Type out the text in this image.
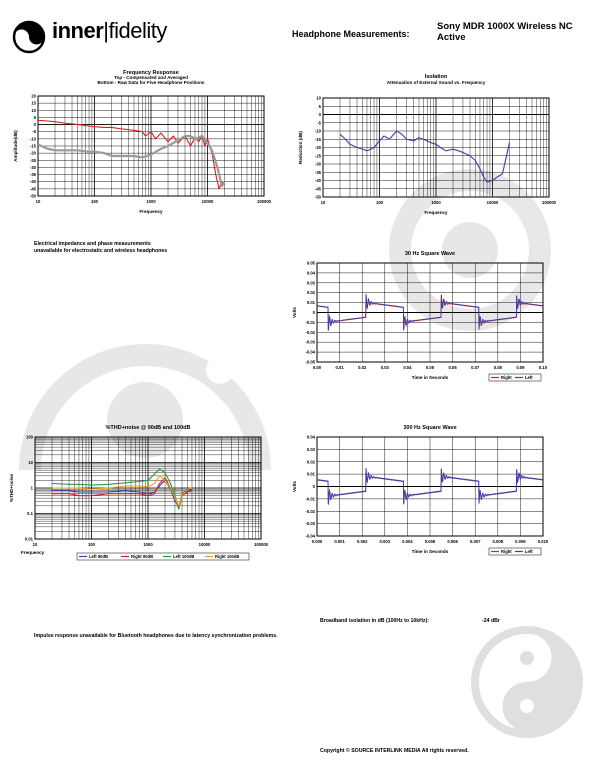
inner|fidelity	Headphone Measurements:
Sony MDR 1000X Wireless NC Active
Frequency Response
Top - Compensated and Averaged
Bottom - Raw Data for Five Headphone Positions
10	100	1000	10000	100000
20
15
10
5
0
-5
-10
-15
-20
-25
-30
-35
-40
-45
-50
Frequency
Amplitude(dB)
Isolation
Attenuation of External Sound vs. Frequency
10	100	1000	10000	100000
10
5
0
-5
-10
-15
-20
-25
-30
-35
-40
-45
-50
Frequency
Reduction (dB)
30 Hz Square Wave
0.00	0.01	0.02	0.03	0.04	0.05	0.06	0.07	0.08	0.09	0.10
0.05
0.04
0.03
0.02
0.01
0
-0.01
-0.02
-0.03
-0.04
-0.05
Time in Seconds
Volts
Right	Left
%THD+noise @ 90dB and 100dB
10	100	1000	10000	100000
100
10
1
0.1
0.01
Frequency
%THD+noise
Left 90dB	Right 90dB	Left 100dB	Right 100dB
300 Hz Square Wave
0.000	0.001	0.002	0.003	0.004	0.005	0.006	0.007	0.008	0.009	0.010
0.04
0.03
0.02
0.01
0
-0.01
-0.02
-0.03
-0.04
Time in Seconds
Volts
Right	Left
Electrical impedance and phase measurements
unavailable for electrostatic and wireless headphones
Broadband isolation in dB (100Hz to 10kHz):	-24 dBr
Impulse response unavailable for Bluetooth headphones due to latency synchronization problems.
Copyright © SOURCE INTERLINK MEDIA All rights reserved.
